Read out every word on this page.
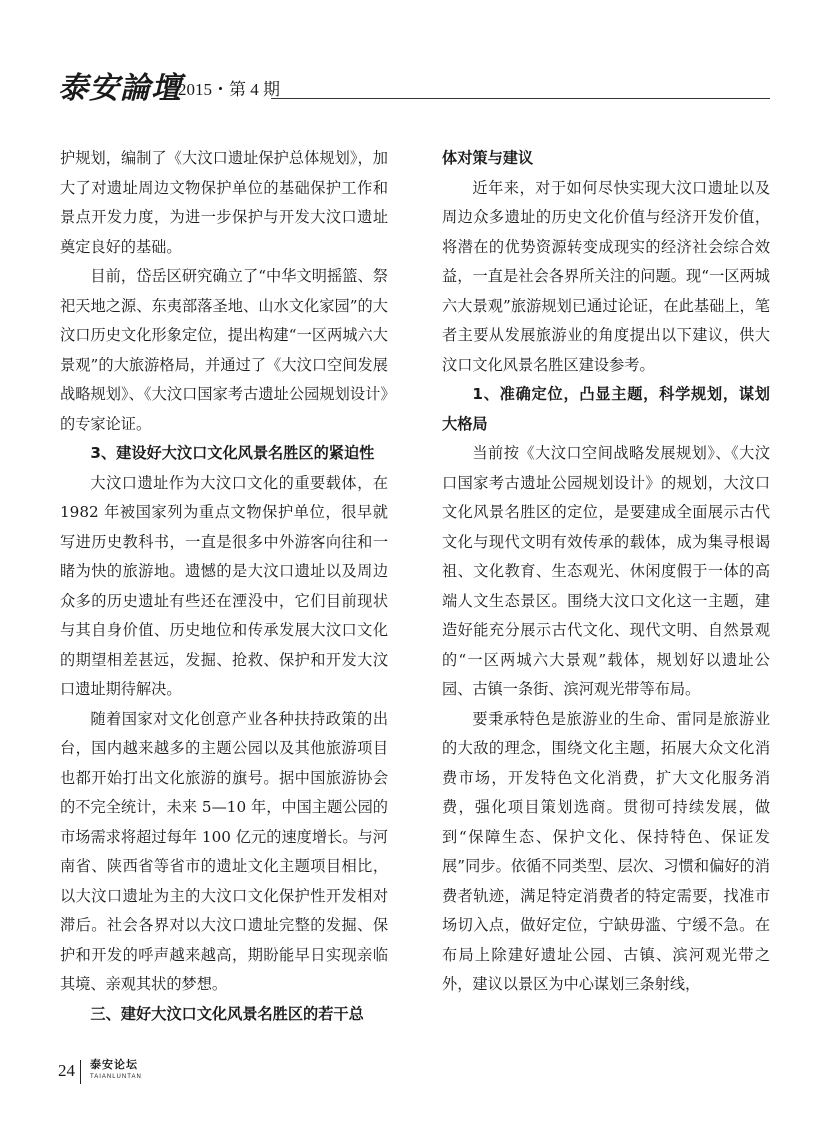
泰安論壇
2015・第 4 期

护规划，编制了《大汶口遗址保护总体规划》，加大了对遗址周边文物保护单位的基础保护工作和景点开发力度，为进一步保护与开发大汶口遗址奠定良好的基础。

目前，岱岳区研究确立了“中华文明摇篮、祭祀天地之源、东夷部落圣地、山水文化家园”的大汶口历史文化形象定位，提出构建“一区两城六大景观”的大旅游格局，并通过了《大汶口空间发展战略规划》、《大汶口国家考古遗址公园规划设计》的专家论证。

3、建设好大汶口文化风景名胜区的紧迫性

大汶口遗址作为大汶口文化的重要载体，在 1982 年被国家列为重点文物保护单位，很早就写进历史教科书，一直是很多中外游客向往和一睹为快的旅游地。遗憾的是大汶口遗址以及周边众多的历史遗址有些还在湮没中，它们目前现状与其自身价值、历史地位和传承发展大汶口文化的期望相差甚远，发掘、抢救、保护和开发大汶口遗址期待解决。

随着国家对文化创意产业各种扶持政策的出台，国内越来越多的主题公园以及其他旅游项目也都开始打出文化旅游的旗号。据中国旅游协会的不完全统计，未来 5—10 年，中国主题公园的市场需求将超过每年 100 亿元的速度增长。与河南省、陕西省等省市的遗址文化主题项目相比，以大汶口遗址为主的大汶口文化保护性开发相对滞后。社会各界对以大汶口遗址完整的发掘、保护和开发的呼声越来越高，期盼能早日实现亲临其境、亲观其状的梦想。

三、建好大汶口文化风景名胜区的若干总

体对策与建议

近年来，对于如何尽快实现大汶口遗址以及周边众多遗址的历史文化价值与经济开发价值，将潜在的优势资源转变成现实的经济社会综合效益，一直是社会各界所关注的问题。现“一区两城六大景观”旅游规划已通过论证，在此基础上，笔者主要从发展旅游业的角度提出以下建议，供大汶口文化风景名胜区建设参考。

1、准确定位，凸显主题，科学规划，谋划大格局

当前按《大汶口空间战略发展规划》、《大汶口国家考古遗址公园规划设计》的规划，大汶口文化风景名胜区的定位，是要建成全面展示古代文化与现代文明有效传承的载体，成为集寻根谒祖、文化教育、生态观光、休闲度假于一体的高端人文生态景区。围绕大汶口文化这一主题，建造好能充分展示古代文化、现代文明、自然景观的“一区两城六大景观”载体，规划好以遗址公园、古镇一条街、滨河观光带等布局。

要秉承特色是旅游业的生命、雷同是旅游业的大敌的理念，围绕文化主题，拓展大众文化消费市场，开发特色文化消费，扩大文化服务消费，强化项目策划选商。贯彻可持续发展，做到“保障生态、保护文化、保持特色、保证发展”同步。依循不同类型、层次、习惯和偏好的消费者轨迹，满足特定消费者的特定需要，找准市场切入点，做好定位，宁缺毋滥、宁缓不急。在布局上除建好遗址公园、古镇、滨河观光带之外，建议以景区为中心谋划三条射线，

24 泰安论坛
TAIANLUNTAN
